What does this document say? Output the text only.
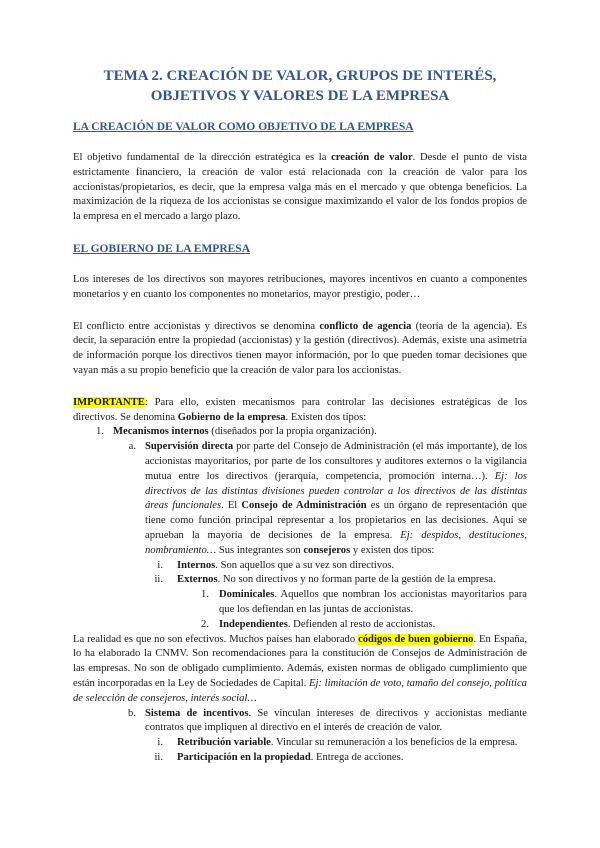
TEMA 2. CREACIÓN DE VALOR, GRUPOS DE INTERÉS, OBJETIVOS Y VALORES DE LA EMPRESA
LA CREACIÓN DE VALOR COMO OBJETIVO DE LA EMPRESA

El objetivo fundamental de la dirección estratégica es la creación de valor. Desde el punto de vista estrictamente financiero, la creación de valor está relacionada con la creación de valor para los accionistas/propietarios, es decir, que la empresa valga más en el mercado y que obtenga beneficios. La maximización de la riqueza de los accionistas se consigue maximizando el valor de los fondos propios de la empresa en el mercado a largo plazo.

EL GOBIERNO DE LA EMPRESA

Los intereses de los directivos son mayores retribuciones, mayores incentivos en cuanto a componentes monetarios y en cuanto los componentes no monetarios, mayor prestigio, poder…

El conflicto entre accionistas y directivos se denomina conflicto de agencia (teoría de la agencia). Es decir, la separación entre la propiedad (accionistas) y la gestión (directivos). Además, existe una asimetría de información porque los directivos tienen mayor información, por lo que pueden tomar decisiones que vayan más a su propio beneficio que la creación de valor para los accionistas.

IMPORTANTE: Para ello, existen mecanismos para controlar las decisiones estratégicas de los directivos. Se denomina Gobierno de la empresa. Existen dos tipos:

1. Mecanismos internos (diseñados por la propia organización).
a. Supervisión directa por parte del Consejo de Administración (el más importante), de los accionistas mayoritarios, por parte de los consultores y auditores externos o la vigilancia mutua entre los directivos (jerarquía, competencia, promoción interna…). Ej: los directivos de las distintas divisiones pueden controlar a los directivos de las distintas áreas funcionales. El Consejo de Administración es un órgano de representación que tiene como función principal representar a los propietarios en las decisiones. Aquí se aprueban la mayoría de decisiones de la empresa. Ej: despidos, destituciones, nombramiento… Sus integrantes son consejeros y existen dos tipos:
i. Internos. Son aquellos que a su vez son directivos.
ii. Externos. No son directivos y no forman parte de la gestión de la empresa.
1. Dominicales. Aquellos que nombran los accionistas mayoritarios para que los defiendan en las juntas de accionistas.
2. Independientes. Defienden al resto de accionistas.

La realidad es que no son efectivos. Muchos países han elaborado códigos de buen gobierno. En España, lo ha elaborado la CNMV. Son recomendaciones para la constitución de Consejos de Administración de las empresas. No son de obligado cumplimiento. Además, existen normas de obligado cumplimiento que están incorporadas en la Ley de Sociedades de Capital. Ej: limitación de voto, tamaño del consejo, política de selección de consejeros, interés social…

b. Sistema de incentivos. Se vinculan intereses de directivos y accionistas mediante contratos que impliquen al directivo en el interés de creación de valor.
i. Retribución variable. Vincular su remuneración a los beneficios de la empresa.
ii. Participación en la propiedad. Entrega de acciones.
